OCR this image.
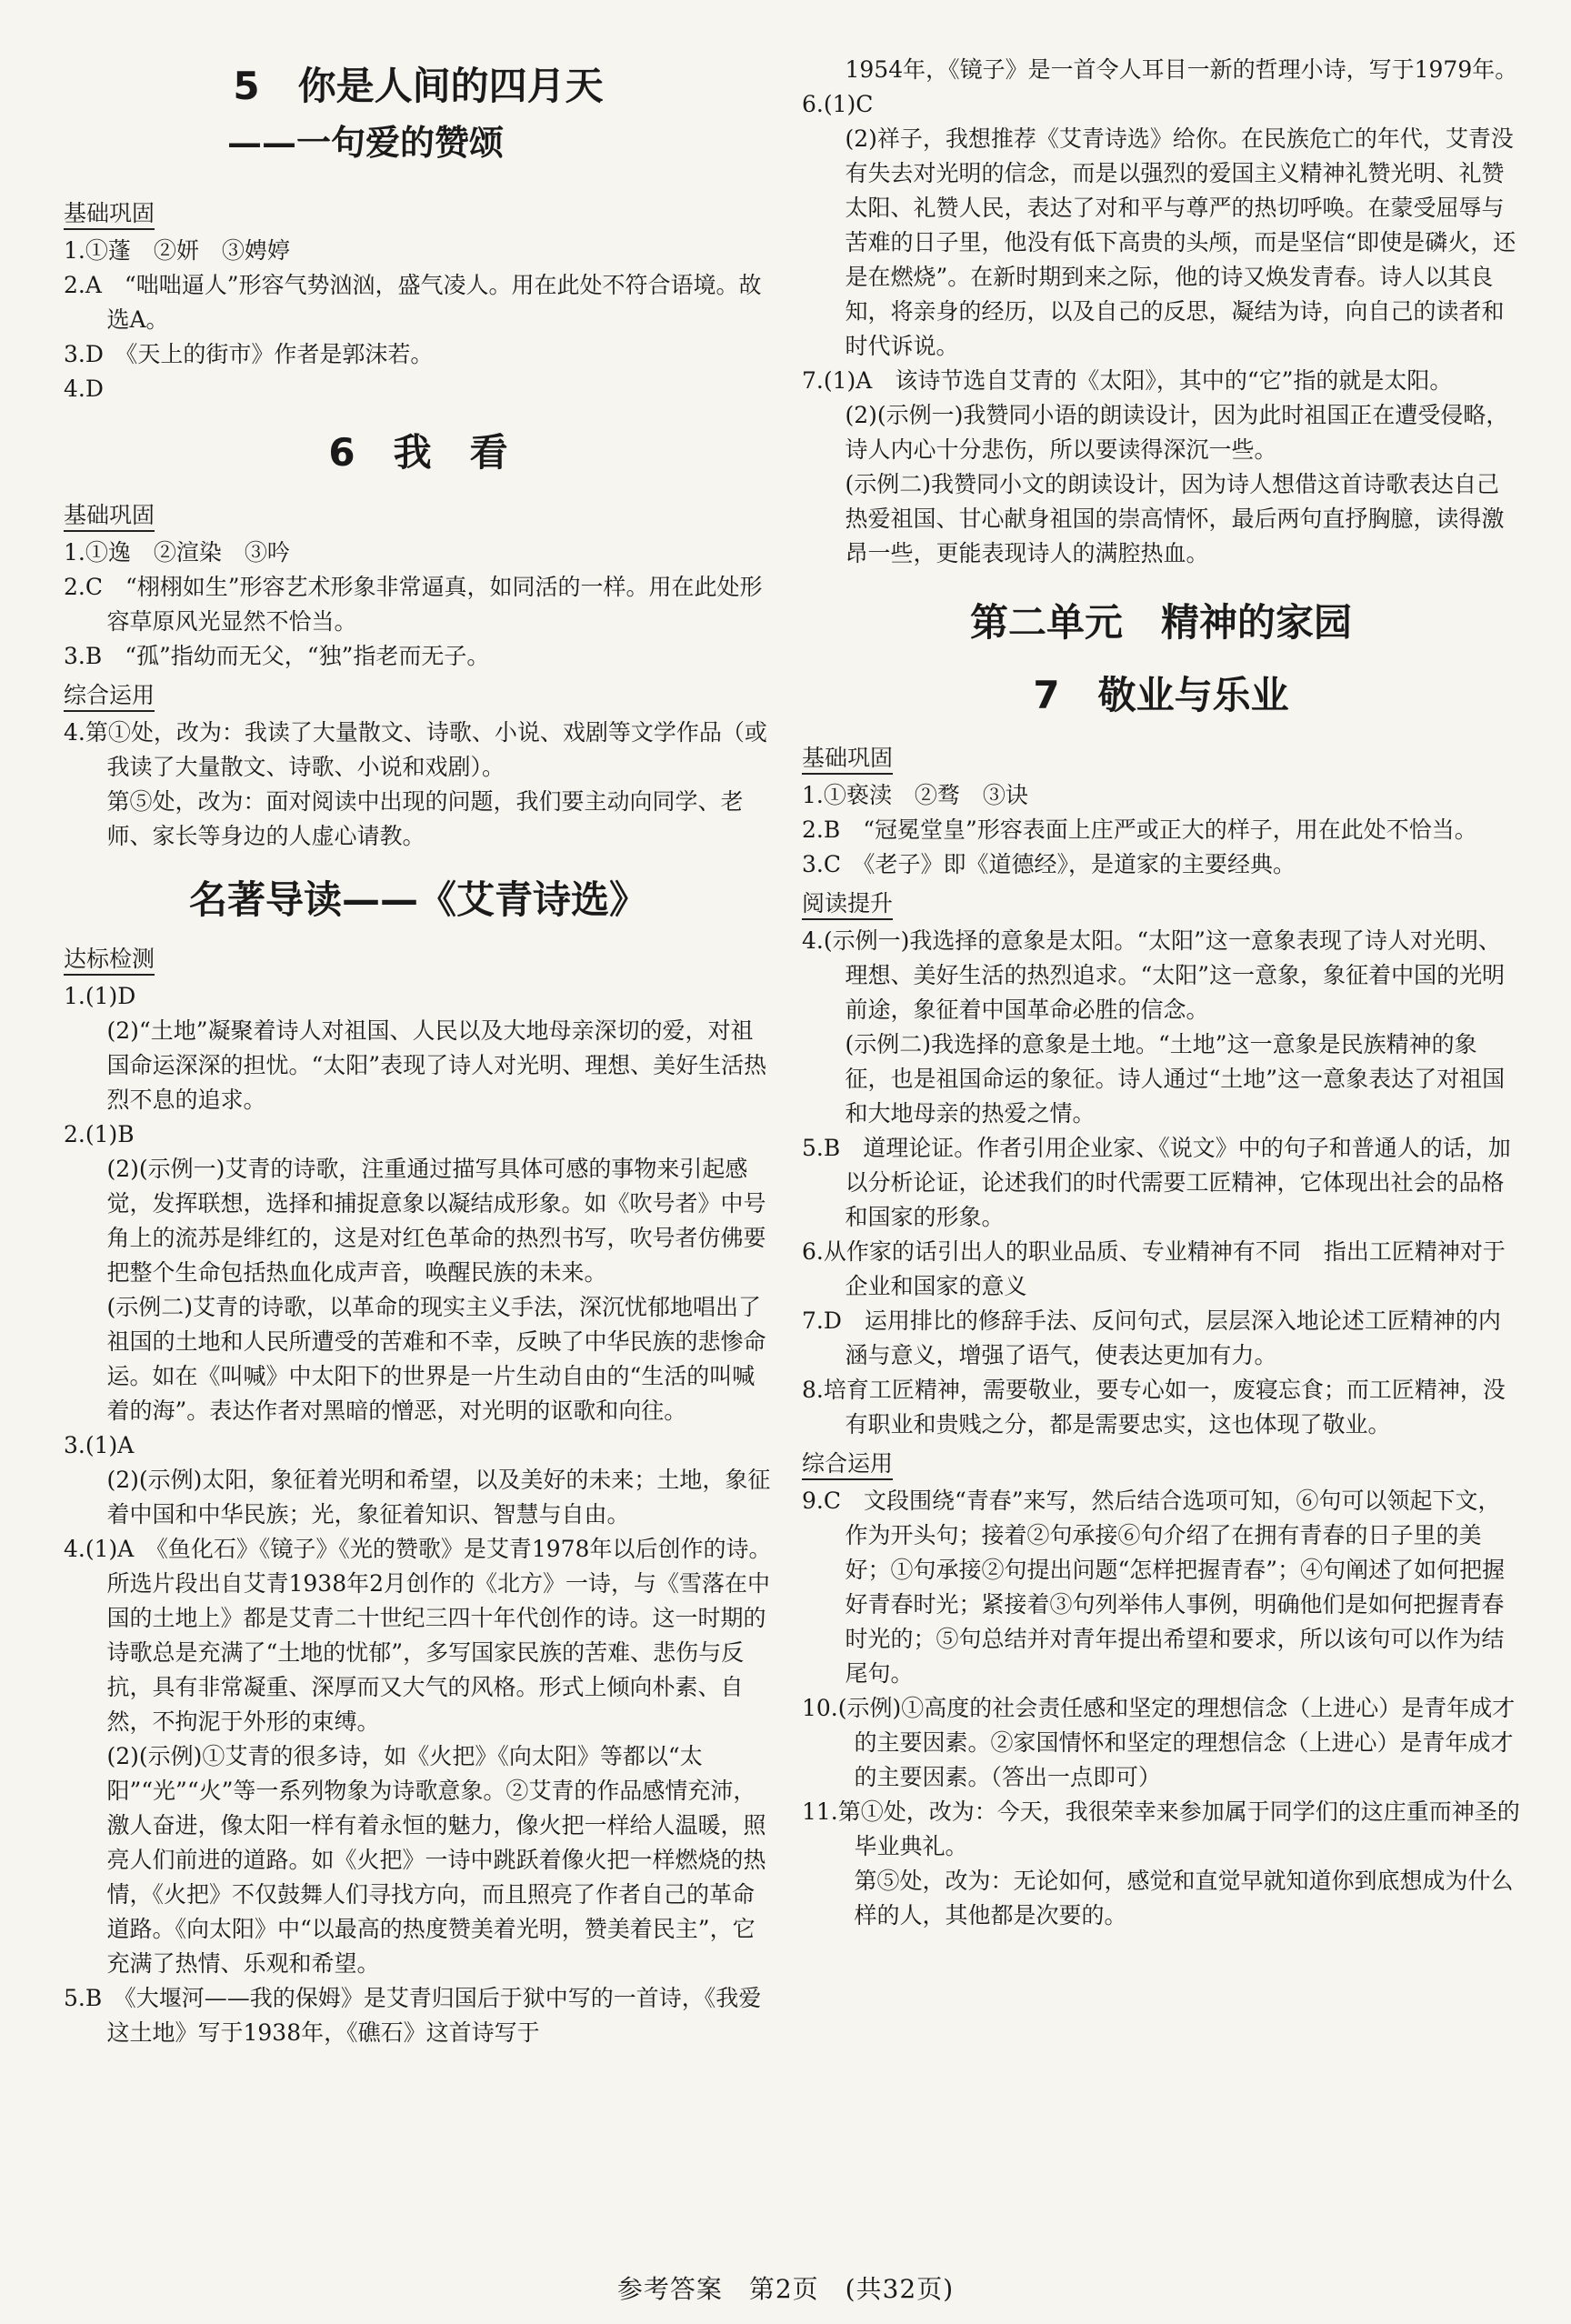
5　你是人间的四月天
——一句爱的赞颂
基础巩固

1.①蓬　②妍　③娉婷

2.A　“咄咄逼人”形容气势汹汹，盛气凌人。用在此处不符合语境。故选A。

3.D　《天上的街市》作者是郭沫若。

4.D

6　我　看
基础巩固

1.①逸　②渲染　③吟

2.C　“栩栩如生”形容艺术形象非常逼真，如同活的一样。用在此处形容草原风光显然不恰当。

3.B　“孤”指幼而无父，“独”指老而无子。

综合运用

4.第①处，改为：我读了大量散文、诗歌、小说、戏剧等文学作品（或我读了大量散文、诗歌、小说和戏剧）。

第⑤处，改为：面对阅读中出现的问题，我们要主动向同学、老师、家长等身边的人虚心请教。

名著导读——《艾青诗选》
达标检测

1.(1)D

(2)“土地”凝聚着诗人对祖国、人民以及大地母亲深切的爱，对祖国命运深深的担忧。“太阳”表现了诗人对光明、理想、美好生活热烈不息的追求。

2.(1)B

(2)(示例一)艾青的诗歌，注重通过描写具体可感的事物来引起感觉，发挥联想，选择和捕捉意象以凝结成形象。如《吹号者》中号角上的流苏是绯红的，这是对红色革命的热烈书写，吹号者仿佛要把整个生命包括热血化成声音，唤醒民族的未来。

(示例二)艾青的诗歌，以革命的现实主义手法，深沉忧郁地唱出了祖国的土地和人民所遭受的苦难和不幸，反映了中华民族的悲惨命运。如在《叫喊》中太阳下的世界是一片生动自由的“生活的叫喊着的海”。表达作者对黑暗的憎恶，对光明的讴歌和向往。

3.(1)A

(2)(示例)太阳，象征着光明和希望，以及美好的未来；土地，象征着中国和中华民族；光，象征着知识、智慧与自由。

4.(1)A　《鱼化石》《镜子》《光的赞歌》是艾青1978年以后创作的诗。所选片段出自艾青1938年2月创作的《北方》一诗，与《雪落在中国的土地上》都是艾青二十世纪三四十年代创作的诗。这一时期的诗歌总是充满了“土地的忧郁”，多写国家民族的苦难、悲伤与反抗，具有非常凝重、深厚而又大气的风格。形式上倾向朴素、自然，不拘泥于外形的束缚。

(2)(示例)①艾青的很多诗，如《火把》《向太阳》等都以“太阳”“光”“火”等一系列物象为诗歌意象。②艾青的作品感情充沛，激人奋进，像太阳一样有着永恒的魅力，像火把一样给人温暖，照亮人们前进的道路。如《火把》一诗中跳跃着像火把一样燃烧的热情，《火把》不仅鼓舞人们寻找方向，而且照亮了作者自己的革命道路。《向太阳》中“以最高的热度赞美着光明，赞美着民主”，它充满了热情、乐观和希望。

5.B　《大堰河——我的保姆》是艾青归国后于狱中写的一首诗，《我爱这土地》写于1938年，《礁石》这首诗写于

1954年，《镜子》是一首令人耳目一新的哲理小诗，写于1979年。

6.(1)C

(2)祥子，我想推荐《艾青诗选》给你。在民族危亡的年代，艾青没有失去对光明的信念，而是以强烈的爱国主义精神礼赞光明、礼赞太阳、礼赞人民，表达了对和平与尊严的热切呼唤。在蒙受屈辱与苦难的日子里，他没有低下高贵的头颅，而是坚信“即使是磷火，还是在燃烧”。在新时期到来之际，他的诗又焕发青春。诗人以其良知，将亲身的经历，以及自己的反思，凝结为诗，向自己的读者和时代诉说。

7.(1)A　该诗节选自艾青的《太阳》，其中的“它”指的就是太阳。

(2)(示例一)我赞同小语的朗读设计，因为此时祖国正在遭受侵略，诗人内心十分悲伤，所以要读得深沉一些。

(示例二)我赞同小文的朗读设计，因为诗人想借这首诗歌表达自己热爱祖国、甘心献身祖国的崇高情怀，最后两句直抒胸臆，读得激昂一些，更能表现诗人的满腔热血。

第二单元　精神的家园
7　敬业与乐业
基础巩固

1.①亵渎　②骛　③诀

2.B　“冠冕堂皇”形容表面上庄严或正大的样子，用在此处不恰当。

3.C　《老子》即《道德经》，是道家的主要经典。

阅读提升

4.(示例一)我选择的意象是太阳。“太阳”这一意象表现了诗人对光明、理想、美好生活的热烈追求。“太阳”这一意象，象征着中国的光明前途，象征着中国革命必胜的信念。

(示例二)我选择的意象是土地。“土地”这一意象是民族精神的象征，也是祖国命运的象征。诗人通过“土地”这一意象表达了对祖国和大地母亲的热爱之情。

5.B　道理论证。作者引用企业家、《说文》中的句子和普通人的话，加以分析论证，论述我们的时代需要工匠精神，它体现出社会的品格和国家的形象。

6.从作家的话引出人的职业品质、专业精神有不同　指出工匠精神对于企业和国家的意义

7.D　运用排比的修辞手法、反问句式，层层深入地论述工匠精神的内涵与意义，增强了语气，使表达更加有力。

8.培育工匠精神，需要敬业，要专心如一，废寝忘食；而工匠精神，没有职业和贵贱之分，都是需要忠实，这也体现了敬业。

综合运用

9.C　文段围绕“青春”来写，然后结合选项可知，⑥句可以领起下文，作为开头句；接着②句承接⑥句介绍了在拥有青春的日子里的美好；①句承接②句提出问题“怎样把握青春”；④句阐述了如何把握好青春时光；紧接着③句列举伟人事例，明确他们是如何把握青春时光的；⑤句总结并对青年提出希望和要求，所以该句可以作为结尾句。

10.(示例)①高度的社会责任感和坚定的理想信念（上进心）是青年成才的主要因素。②家国情怀和坚定的理想信念（上进心）是青年成才的主要因素。（答出一点即可）

11.第①处，改为：今天，我很荣幸来参加属于同学们的这庄重而神圣的毕业典礼。

第⑤处，改为：无论如何，感觉和直觉早就知道你到底想成为什么样的人，其他都是次要的。

参考答案　第2页　(共32页)
